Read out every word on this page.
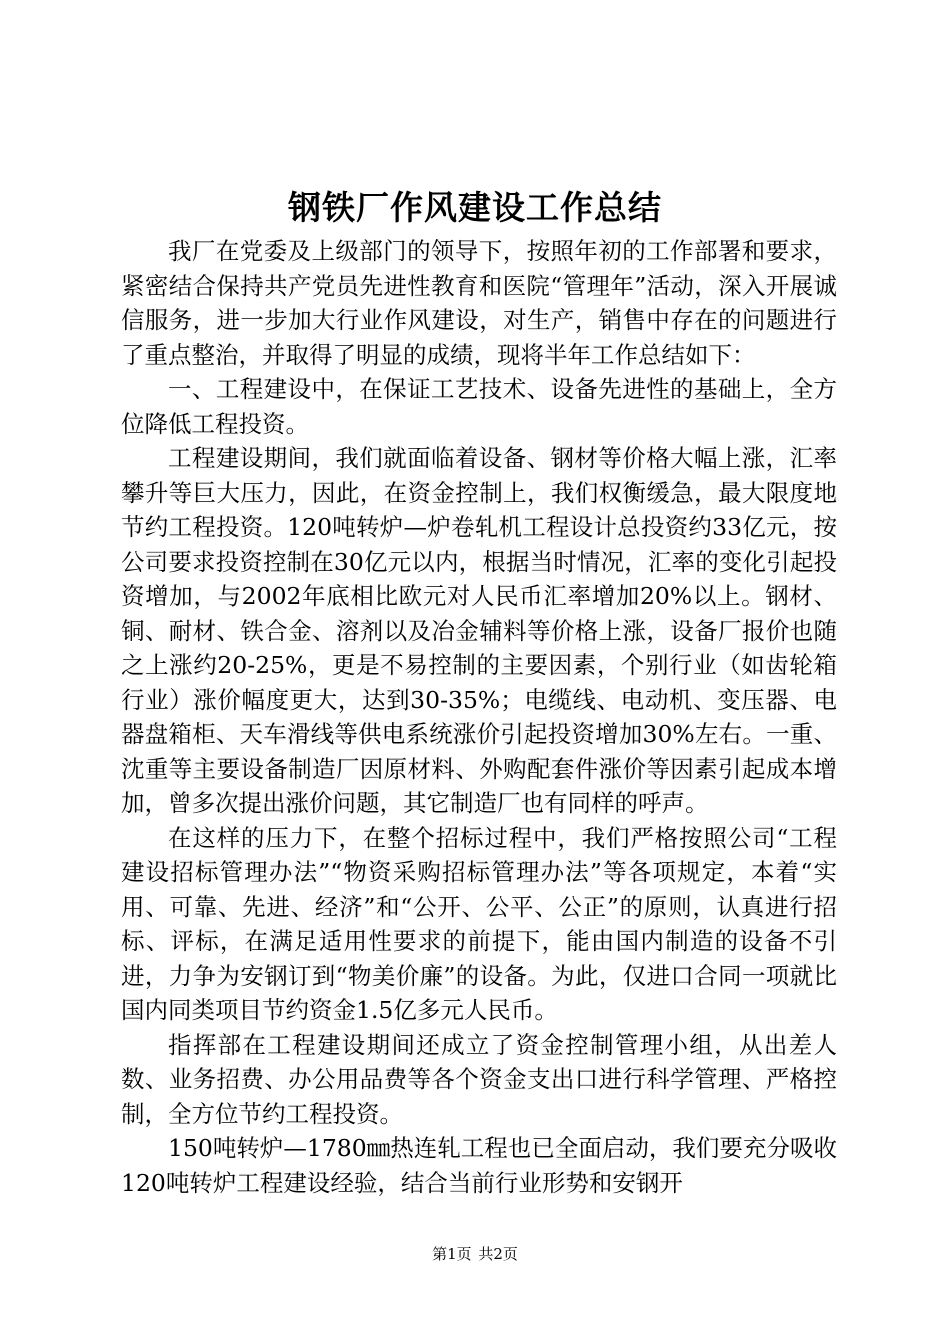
钢铁厂作风建设工作总结

我厂在党委及上级部门的领导下，按照年初的工作部署和要求，紧密结合保持共产党员先进性教育和医院“管理年”活动，深入开展诚信服务，进一步加大行业作风建设，对生产，销售中存在的问题进行了重点整治，并取得了明显的成绩，现将半年工作总结如下：

一、工程建设中，在保证工艺技术、设备先进性的基础上，全方位降低工程投资。

工程建设期间，我们就面临着设备、钢材等价格大幅上涨，汇率攀升等巨大压力，因此，在资金控制上，我们权衡缓急，最大限度地节约工程投资。120吨转炉—炉卷轧机工程设计总投资约33亿元，按公司要求投资控制在30亿元以内，根据当时情况，汇率的变化引起投资增加，与2002年底相比欧元对人民币汇率增加20%以上。钢材、铜、耐材、铁合金、溶剂以及冶金辅料等价格上涨，设备厂报价也随之上涨约20-25%，更是不易控制的主要因素，个别行业（如齿轮箱行业）涨价幅度更大，达到30-35%；电缆线、电动机、变压器、电器盘箱柜、天车滑线等供电系统涨价引起投资增加30%左右。一重、沈重等主要设备制造厂因原材料、外购配套件涨价等因素引起成本增加，曾多次提出涨价问题，其它制造厂也有同样的呼声。

在这样的压力下，在整个招标过程中，我们严格按照公司“工程建设招标管理办法”“物资采购招标管理办法”等各项规定，本着“实用、可靠、先进、经济”和“公开、公平、公正”的原则，认真进行招标、评标，在满足适用性要求的前提下，能由国内制造的设备不引进，力争为安钢订到“物美价廉”的设备。为此，仅进口合同一项就比国内同类项目节约资金1.5亿多元人民币。

指挥部在工程建设期间还成立了资金控制管理小组，从出差人数、业务招费、办公用品费等各个资金支出口进行科学管理、严格控制，全方位节约工程投资。

150吨转炉—1780㎜热连轧工程也已全面启动，我们要充分吸收120吨转炉工程建设经验，结合当前行业形势和安钢开

第1页 共2页
